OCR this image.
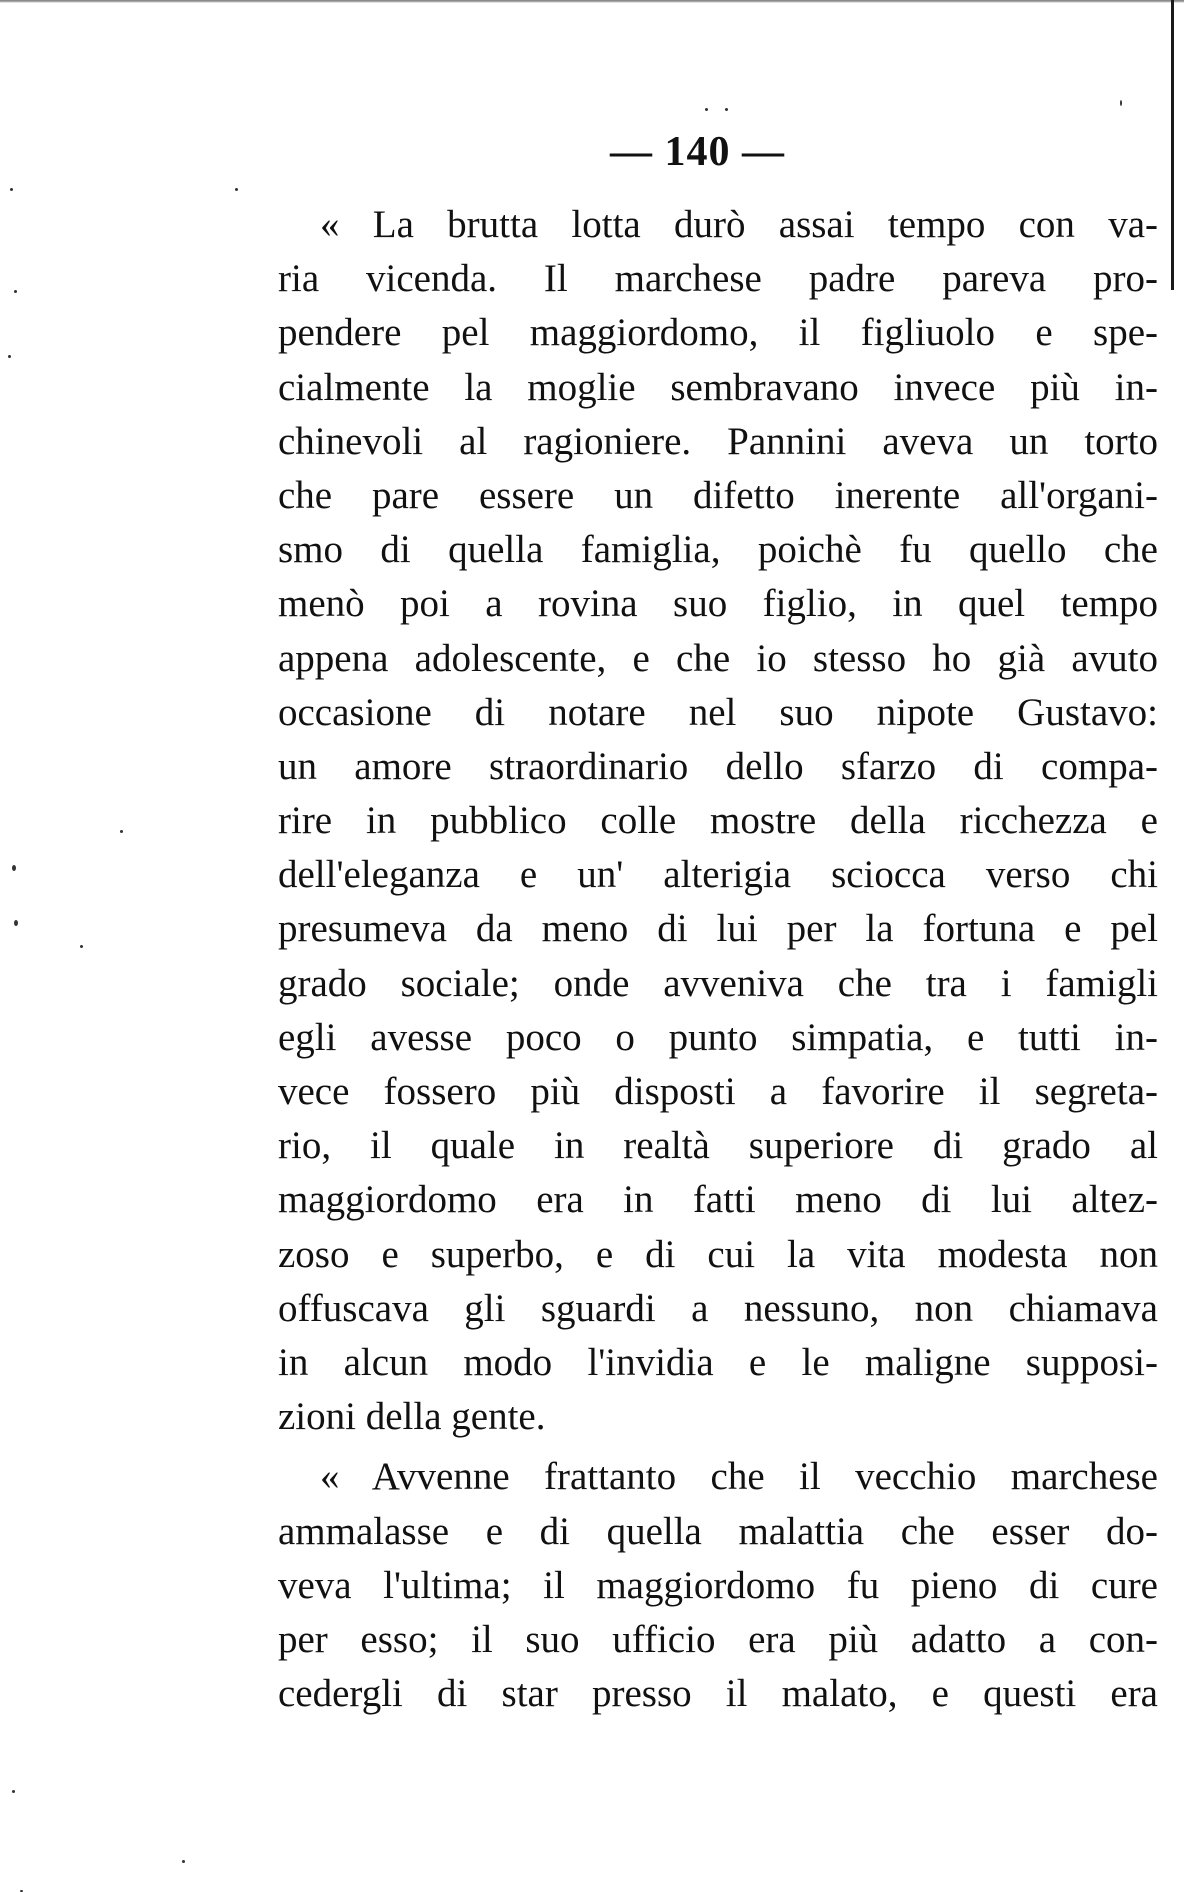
— 140 —
« La brutta lotta durò assai tempo con va-
ria vicenda. Il marchese padre pareva pro-
pendere pel maggiordomo, il figliuolo e spe-
cialmente la moglie sembravano invece più in-
chinevoli al ragioniere. Pannini aveva un torto
che pare essere un difetto inerente all'organi-
smo di quella famiglia, poichè fu quello che
menò poi a rovina suo figlio, in quel tempo
appena adolescente, e che io stesso ho già avuto
occasione di notare nel suo nipote Gustavo:
un amore straordinario dello sfarzo di compa-
rire in pubblico colle mostre della ricchezza e
dell'eleganza e un' alterigia sciocca verso chi
presumeva da meno di lui per la fortuna e pel
grado sociale; onde avveniva che tra i famigli
egli avesse poco o punto simpatia, e tutti in-
vece fossero più disposti a favorire il segreta-
rio, il quale in realtà superiore di grado al
maggiordomo era in fatti meno di lui altez-
zoso e superbo, e di cui la vita modesta non
offuscava gli sguardi a nessuno, non chiamava
in alcun modo l'invidia e le maligne supposi-
zioni della gente.
« Avvenne frattanto che il vecchio marchese
ammalasse e di quella malattia che esser do-
veva l'ultima; il maggiordomo fu pieno di cure
per esso; il suo ufficio era più adatto a con-
cedergli di star presso il malato, e questi era
